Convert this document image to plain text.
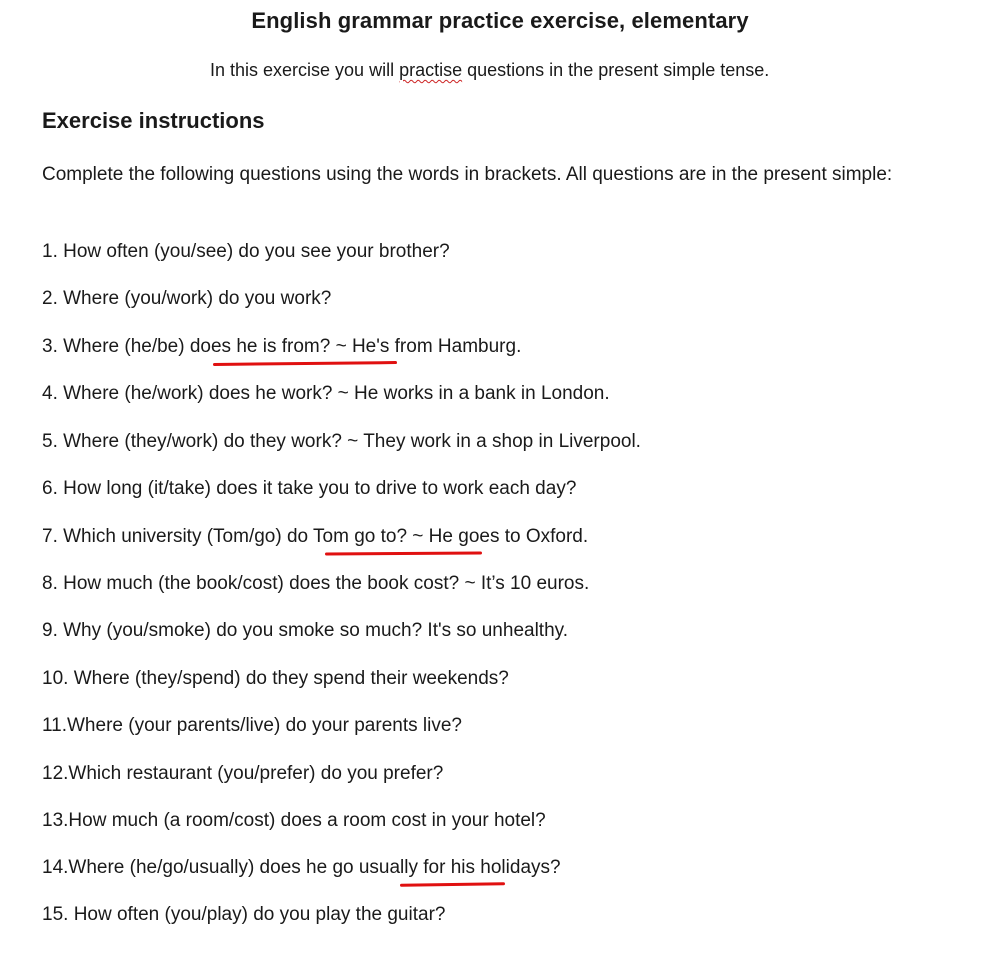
English grammar practice exercise, elementary
In this exercise you will practise questions in the present simple tense.
Exercise instructions
Complete the following questions using the words in brackets. All questions are in the present simple:
1. How often (you/see) do you see your brother?
2. Where (you/work) do you work?
3. Where (he/be) does he is from? ~ He's from Hamburg.
4. Where (he/work) does he work? ~ He works in a bank in London.
5. Where (they/work) do they work? ~ They work in a shop in Liverpool.
6. How long (it/take) does it take you to drive to work each day?
7. Which university (Tom/go) do Tom go to? ~ He goes to Oxford.
8. How much (the book/cost) does the book cost? ~ It’s 10 euros.
9. Why (you/smoke) do you smoke so much? It's so unhealthy.
10. Where (they/spend) do they spend their weekends?
11.Where (your parents/live) do your parents live?
12.Which restaurant (you/prefer) do you prefer?
13.How much (a room/cost) does a room cost in your hotel?
14.Where (he/go/usually) does he go usually for his holidays?
15. How often (you/play) do you play the guitar?
